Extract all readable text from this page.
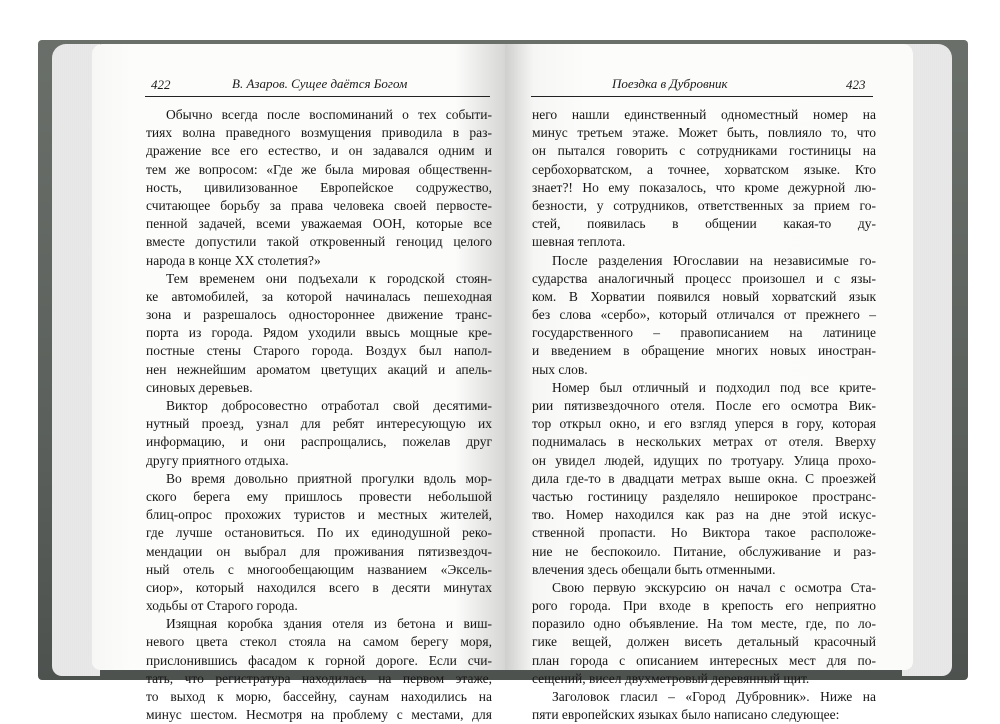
422	В. Азаров. Сущее даётся Богом	Поездка в Дубровник	423
Обычно всегда после воспоминаний о тех событи-
тиях волна праведного возмущения приводила в раз-
дражение все его естество, и он задавался одним и
тем же вопросом: «Где же была мировая общественн-
ность, цивилизованное Европейское содружество,
считающее борьбу за права человека своей первосте-
пенной задачей, всеми уважаемая ООН, которые все
вместе допустили такой откровенный геноцид целого
народа в конце XX столетия?»
Тем временем они подъехали к городской стоян-
ке автомобилей, за которой начиналась пешеходная
зона и разрешалось одностороннее движение транс-
порта из города. Рядом уходили ввысь мощные кре-
постные стены Старого города. Воздух был напол-
нен нежнейшим ароматом цветущих акаций и апель-
синовых деревьев.
Виктор добросовестно отработал свой десятими-
нутный проезд, узнал для ребят интересующую их
информацию, и они распрощались, пожелав друг
другу приятного отдыха.
Во время довольно приятной прогулки вдоль мор-
ского берега ему пришлось провести небольшой
блиц-опрос прохожих туристов и местных жителей,
где лучше остановиться. По их единодушной реко-
мендации он выбрал для проживания пятизвездоч-
ный отель с многообещающим названием «Эксель-
сиор», который находился всего в десяти минутах
ходьбы от Старого города.
Изящная коробка здания отеля из бетона и виш-
невого цвета стекол стояла на самом берегу моря,
прислонившись фасадом к горной дороге. Если счи-
тать, что регистратура находилась на первом этаже,
то выход к морю, бассейну, саунам находились на
минус шестом. Несмотря на проблему с местами, для
него нашли единственный одноместный номер на
минус третьем этаже. Может быть, повлияло то, что
он пытался говорить с сотрудниками гостиницы на
сербохорватском, а точнее, хорватском языке. Кто
знает?! Но ему показалось, что кроме дежурной лю-
безности, у сотрудников, ответственных за прием го-
стей, появилась в общении какая-то ду-
шевная теплота.
После разделения Югославии на независимые го-
сударства аналогичный процесс произошел и с язы-
ком. В Хорватии появился новый хорватский язык
без слова «сербо», который отличался от прежнего –
государственного – правописанием на латинице
и введением в обращение многих новых иностран-
ных слов.
Номер был отличный и подходил под все крите-
рии пятизвездочного отеля. После его осмотра Вик-
тор открыл окно, и его взгляд уперся в гору, которая
поднималась в нескольких метрах от отеля. Вверху
он увидел людей, идущих по тротуару. Улица прохо-
дила где-то в двадцати метрах выше окна. С проезжей
частью гостиницу разделяло неширокое пространс-
тво. Номер находился как раз на дне этой искус-
ственной пропасти. Но Виктора такое расположе-
ние не беспокоило. Питание, обслуживание и раз-
влечения здесь обещали быть отменными.
Свою первую экскурсию он начал с осмотра Ста-
рого города. При входе в крепость его неприятно
поразило одно объявление. На том месте, где, по ло-
гике вещей, должен висеть детальный красочный
план города с описанием интересных мест для по-
сещений, висел двухметровый деревянный щит.
Заголовок гласил – «Город Дубровник». Ниже на
пяти европейских языках было написано следующее:
